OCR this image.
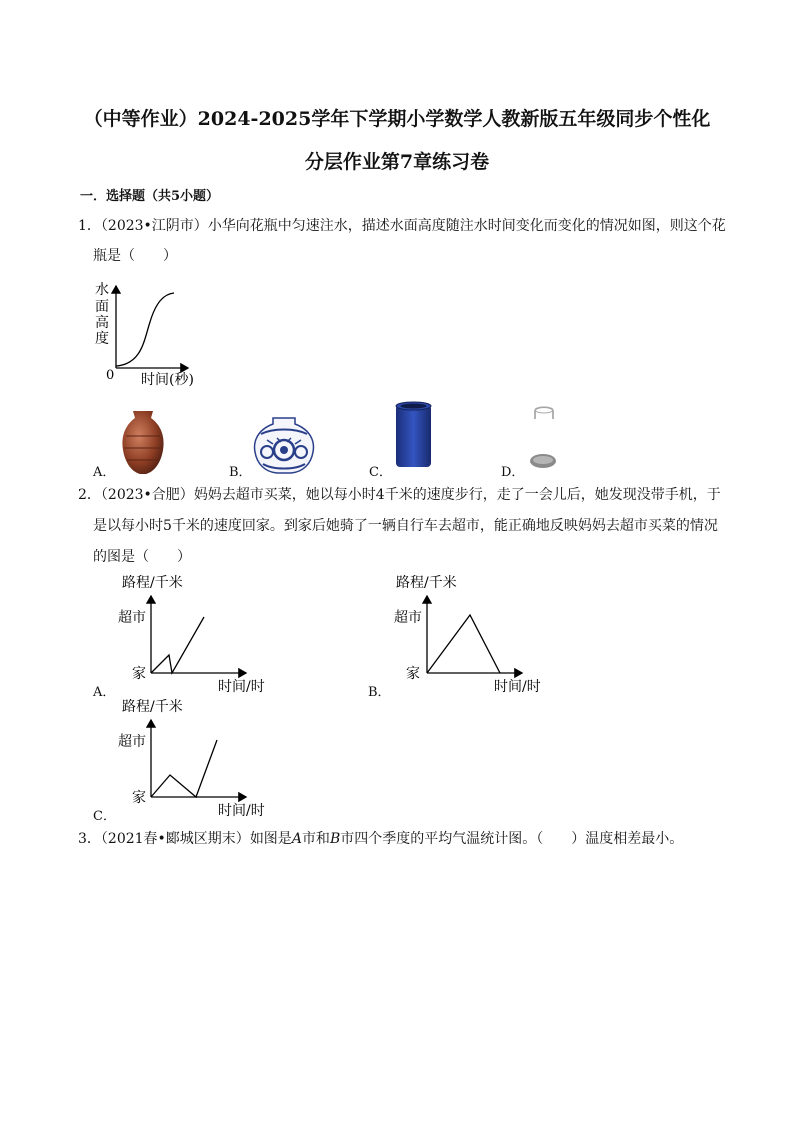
（中等作业）2024-2025学年下学期小学数学人教新版五年级同步个性化
分层作业第7章练习卷
一．选择题（共5小题）
1．（2023•江阴市）小华向花瓶中匀速注水，描述水面高度随注水时间变化而变化的情况如图，则这个花
瓶是（　　）
水
面
高
度
0 时间(秒)
A．	B．	C．	D．
2．（2023•合肥）妈妈去超市买菜，她以每小时4千米的速度步行，走了一会儿后，她发现没带手机，于
是以每小时5千米的速度回家。到家后她骑了一辆自行车去超市，能正确地反映妈妈去超市买菜的情况
的图是（　　）
A．
路程/千米
超市
家
时间/时	B．
路程/千米
超市
家
时间/时
C．
路程/千米
超市
家
时间/时
3．（2021春•郾城区期末）如图是A市和B市四个季度的平均气温统计图。（　　）温度相差最小。
